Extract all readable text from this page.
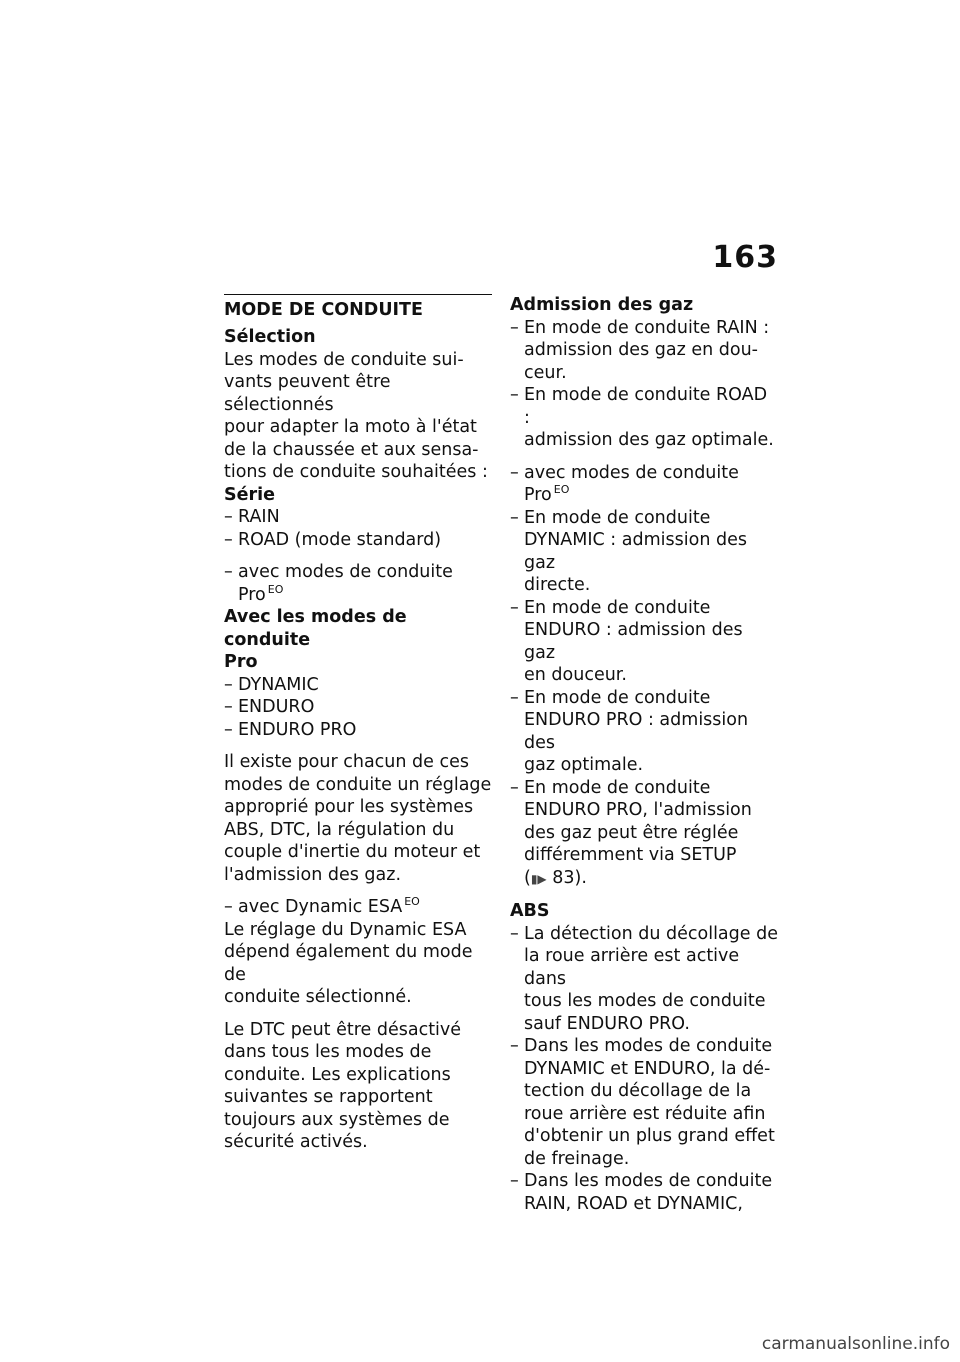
163
MODE DE CONDUITE

Sélection

Les modes de conduite sui-
vants peuvent être sélectionnés
pour adapter la moto à l'état
de la chaussée et aux sensa-
tions de conduite souhaitées :

Série

– RAIN
– ROAD (mode standard)
– avec modes de conduite
Pro $^{EO}$

Avec les modes de conduite
Pro

– DYNAMIC
– ENDURO
– ENDURO PRO
Il existe pour chacun de ces
modes de conduite un réglage
approprié pour les systèmes
ABS, DTC, la régulation du
couple d'inertie du moteur et
l'admission des gaz.
– avec Dynamic ESA $^{EO}$
Le réglage du Dynamic ESA
dépend également du mode de
conduite sélectionné.
Le DTC peut être désactivé
dans tous les modes de
conduite. Les explications
suivantes se rapportent
toujours aux systèmes de
sécurité activés.

Admission des gaz

– En mode de conduite RAIN :
admission des gaz en dou-
ceur.
– En mode de conduite ROAD :
admission des gaz optimale.
– avec modes de conduite
Pro $^{EO}$
– En mode de conduite
DYNAMIC : admission des gaz
directe.
– En mode de conduite
ENDURO : admission des gaz
en douceur.
– En mode de conduite
ENDURO PRO : admission des
gaz optimale.
– En mode de conduite
ENDURO PRO, l'admission
des gaz peut être réglée
différemment via SETUP
(▮▶ 83).

ABS

– La détection du décollage de
la roue arrière est active dans
tous les modes de conduite
sauf ENDURO PRO.
– Dans les modes de conduite
DYNAMIC et ENDURO, la dé-
tection du décollage de la
roue arrière est réduite afin
d'obtenir un plus grand effet
de freinage.
– Dans les modes de conduite
RAIN, ROAD et DYNAMIC,
carmanualsonline.info
